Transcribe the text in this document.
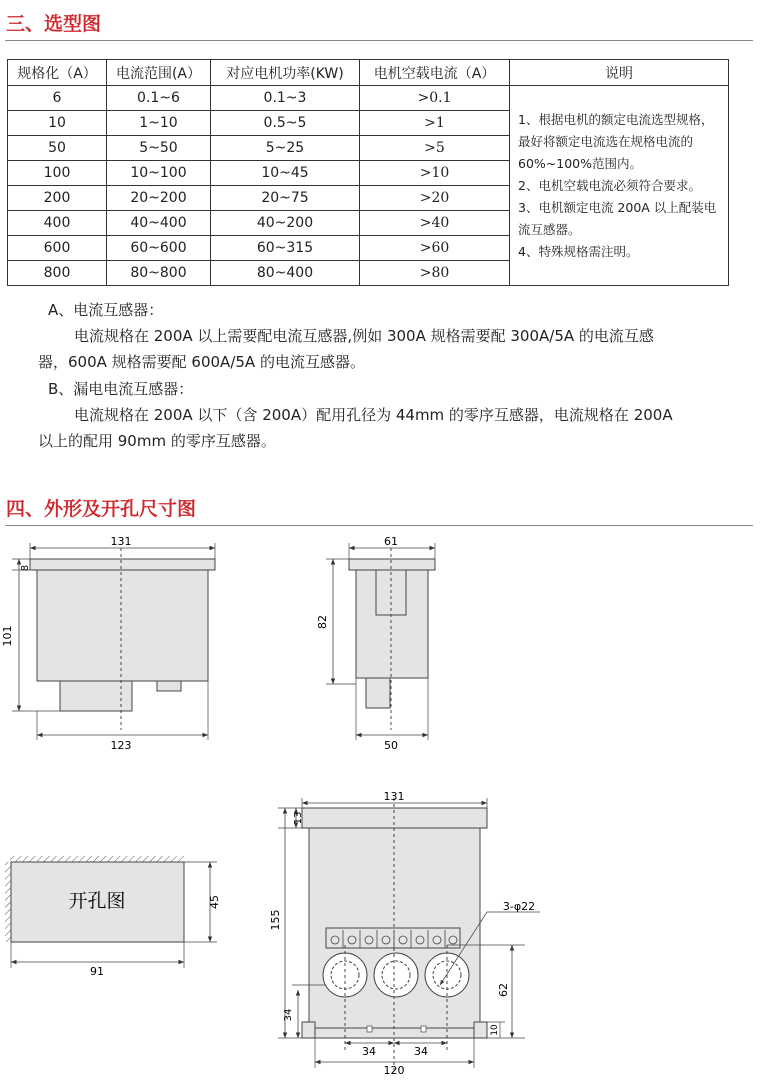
三、选型图
规格化（A）	电流范围(A）	对应电机功率(KW)	电机空载电流（A）	说明
6	0.1~6	0.1~3	>0.1	1、根据电机的额定电流选型规格，最好将额定电流选在规格电流的60%~100%范围内。
2、电机空载电流必须符合要求。
3、电机额定电流 200A 以上配装电流互感器。
4、特殊规格需注明。

10	1~10	0.5~5	>1	
50	5~50	5~25	>5	
100	10~100	10~45	>10	
200	20~200	20~75	>20	
400	40~400	40~200	>40	
600	60~600	60~315	>60	
800	80~800	80~400	>80	
A、电流互感器：
电流规格在 200A 以上需要配电流互感器,例如 300A 规格需要配 300A/5A 的电流互感
器，600A 规格需要配 600A/5A 的电流互感器。
B、漏电电流互感器：
电流规格在 200A 以下（含 200A）配用孔径为 44mm 的零序互感器，电流规格在 200A
以上的配用 90mm 的零序互感器。
四、外形及开孔尺寸图
131
8
101
123
61
82
50
开孔图	45
91
131
13
155
34
3-φ22
62
10
34	34
120
